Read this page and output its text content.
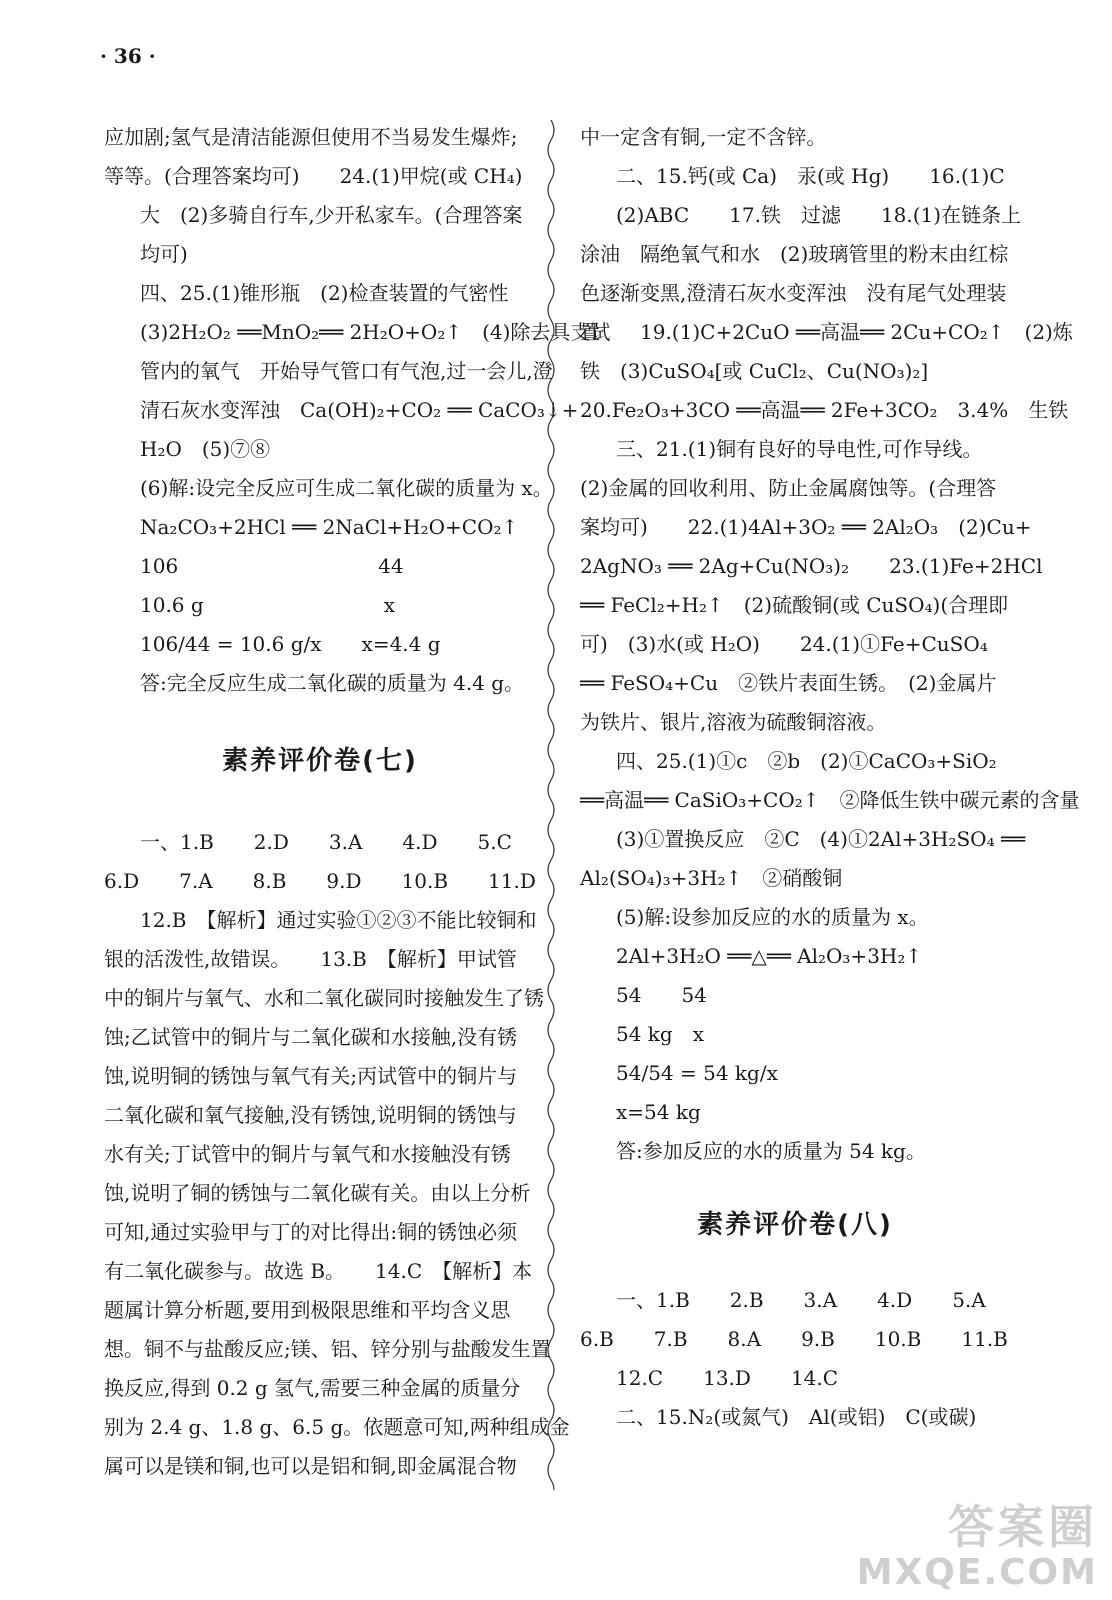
· 36 ·
应加剧;氢气是清洁能源但使用不当易发生爆炸;
等等。(合理答案均可)　　24.(1)甲烷(或 CH₄)
大　(2)多骑自行车,少开私家车。(合理答案
均可)
四、25.(1)锥形瓶　(2)检查装置的气密性
(3)2H₂O₂ ══MnO₂══ 2H₂O+O₂↑　(4)除去具支试
管内的氧气　开始导气管口有气泡,过一会儿,澄
清石灰水变浑浊　Ca(OH)₂+CO₂ ══ CaCO₃↓+
H₂O　(5)⑦⑧
(6)解:设完全反应可生成二氧化碳的质量为 x。
Na₂CO₃+2HCl ══ 2NaCl+H₂O+CO₂↑
106　　　　　　　　　　44
10.6 g　　　　　　　　　x
106/44 = 10.6 g/x　　x=4.4 g
答:完全反应生成二氧化碳的质量为 4.4 g。
素养评价卷(七)
一、1.B　　2.D　　3.A　　4.D　　5.C
6.D　　7.A　　8.B　　9.D　　10.B　　11.D
12.B　【解析】通过实验①②③不能比较铜和
银的活泼性,故错误。　　13.B　【解析】甲试管
中的铜片与氧气、水和二氧化碳同时接触发生了锈
蚀;乙试管中的铜片与二氧化碳和水接触,没有锈
蚀,说明铜的锈蚀与氧气有关;丙试管中的铜片与
二氧化碳和氧气接触,没有锈蚀,说明铜的锈蚀与
水有关;丁试管中的铜片与氧气和水接触没有锈
蚀,说明了铜的锈蚀与二氧化碳有关。由以上分析
可知,通过实验甲与丁的对比得出:铜的锈蚀必须
有二氧化碳参与。故选 B。　　14.C　【解析】本
题属计算分析题,要用到极限思维和平均含义思
想。铜不与盐酸反应;镁、铝、锌分别与盐酸发生置
换反应,得到 0.2 g 氢气,需要三种金属的质量分
别为 2.4 g、1.8 g、6.5 g。依题意可知,两种组成金
属可以是镁和铜,也可以是铝和铜,即金属混合物
中一定含有铜,一定不含锌。
二、15.钙(或 Ca)　汞(或 Hg)　　16.(1)C
(2)ABC　　17.铁　过滤　　18.(1)在链条上
涂油　隔绝氧气和水　(2)玻璃管里的粉末由红棕
色逐渐变黑,澄清石灰水变浑浊　没有尾气处理装
置　　19.(1)C+2CuO ══高温══ 2Cu+CO₂↑　(2)炼
铁　(3)CuSO₄[或 CuCl₂、Cu(NO₃)₂]
20.Fe₂O₃+3CO ══高温══ 2Fe+3CO₂　3.4%　生铁
三、21.(1)铜有良好的导电性,可作导线。
(2)金属的回收利用、防止金属腐蚀等。(合理答
案均可)　　22.(1)4Al+3O₂ ══ 2Al₂O₃　(2)Cu+
2AgNO₃ ══ 2Ag+Cu(NO₃)₂　　23.(1)Fe+2HCl
══ FeCl₂+H₂↑　(2)硫酸铜(或 CuSO₄)(合理即
可)　(3)水(或 H₂O)　　24.(1)①Fe+CuSO₄
══ FeSO₄+Cu　②铁片表面生锈。　(2)金属片
为铁片、银片,溶液为硫酸铜溶液。
四、25.(1)①c　②b　(2)①CaCO₃+SiO₂
══高温══ CaSiO₃+CO₂↑　②降低生铁中碳元素的含量
(3)①置换反应　②C　(4)①2Al+3H₂SO₄ ══
Al₂(SO₄)₃+3H₂↑　②硝酸铜
(5)解:设参加反应的水的质量为 x。
2Al+3H₂O ══△══ Al₂O₃+3H₂↑
54　　54
54 kg　x
54/54 = 54 kg/x
x=54 kg
答:参加反应的水的质量为 54 kg。
素养评价卷(八)
一、1.B　　2.B　　3.A　　4.D　　5.A
6.B　　7.B　　8.A　　9.B　　10.B　　11.B
12.C　　13.D　　14.C
二、15.N₂(或氮气)　Al(或铝)　C(或碳)
答案圈
MXQE.COM
